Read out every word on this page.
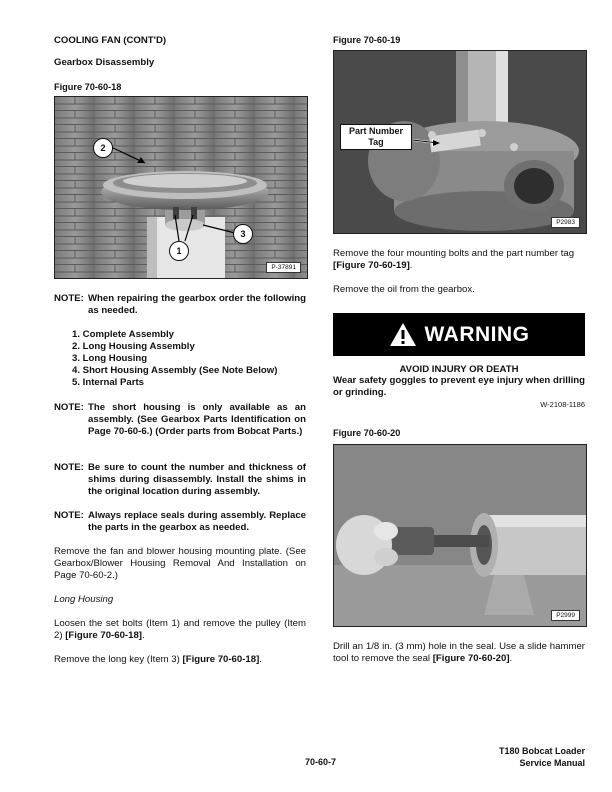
COOLING FAN (CONT'D)
Gearbox Disassembly
Figure 70-60-18
2
1
3
P-37891
NOTE: When repairing the gearbox order the following as needed.
1. Complete Assembly
2. Long Housing Assembly
3. Long Housing
4. Short Housing Assembly (See Note Below)
5. Internal Parts
NOTE: The short housing is only available as an assembly. (See Gearbox Parts Identification on Page 70-60-6.) (Order parts from Bobcat Parts.)
NOTE: Be sure to count the number and thickness of shims during disassembly. Install the shims in the original location during assembly.
NOTE: Always replace seals during assembly. Replace the parts in the gearbox as needed.
Remove the fan and blower housing mounting plate. (See Gearbox/Blower Housing Removal And Installation on Page 70-60-2.)
Long Housing
Loosen the set bolts (Item 1) and remove the pulley (Item 2) [Figure 70-60-18].
Remove the long key (Item 3) [Figure 70-60-18].
Figure 70-60-19
Part Number Tag
P2983
Remove the four mounting bolts and the part number tag [Figure 70-60-19].
Remove the oil from the gearbox.
WARNING
AVOID INJURY OR DEATH
Wear safety goggles to prevent eye injury when drilling or grinding.
W-2108-1186
Figure 70-60-20
P2999
Drill an 1/8 in. (3 mm) hole in the seal. Use a slide hammer tool to remove the seal [Figure 70-60-20].
70-60-7
T180 Bobcat Loader
Service Manual
